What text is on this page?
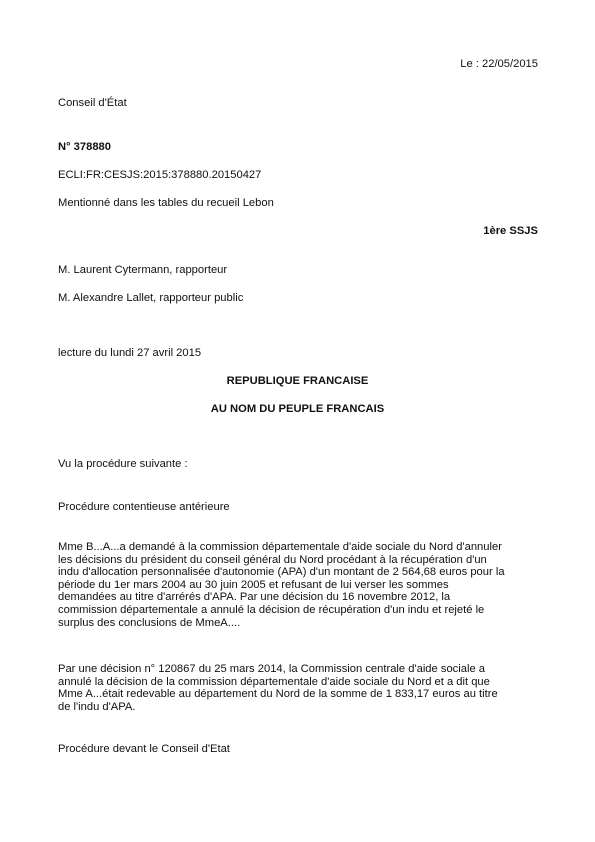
Le : 22/05/2015
Conseil d'État
N° 378880
ECLI:FR:CESJS:2015:378880.20150427
Mentionné dans les tables du recueil Lebon
1ère SSJS
M. Laurent Cytermann, rapporteur
M. Alexandre Lallet, rapporteur public
lecture du lundi 27 avril 2015
REPUBLIQUE FRANCAISE
AU NOM DU PEUPLE FRANCAIS
Vu la procédure suivante :
Procédure contentieuse antérieure
Mme B...A...a demandé à la commission départementale d'aide sociale du Nord d'annuler
les décisions du président du conseil général du Nord procédant à la récupération d'un
indu d'allocation personnalisée d'autonomie (APA) d'un montant de 2 564,68 euros pour la
période du 1er mars 2004 au 30 juin 2005 et refusant de lui verser les sommes
demandées au titre d'arrérés d'APA. Par une décision du 16 novembre 2012, la
commission départementale a annulé la décision de récupération d'un indu et rejeté le
surplus des conclusions de MmeA....
Par une décision n° 120867 du 25 mars 2014, la Commission centrale d'aide sociale a
annulé la décision de la commission départementale d'aide sociale du Nord et a dit que
Mme A...était redevable au département du Nord de la somme de 1 833,17 euros au titre
de l'indu d'APA.
Procédure devant le Conseil d'Etat
